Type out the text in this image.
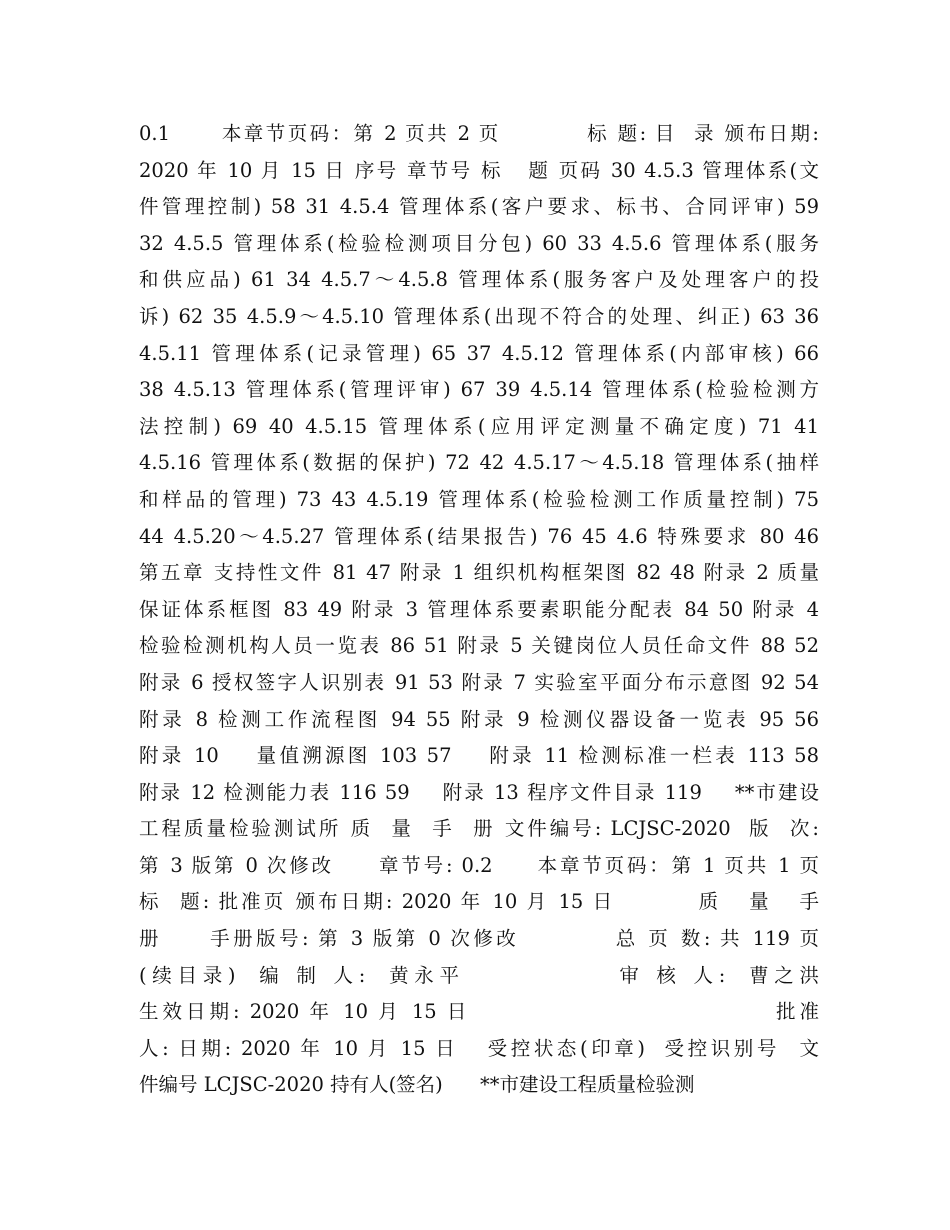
0.1      本章节页码：第 2 页共 2 页          标 题: 目  录 颁布日期:
2020 年 10 月 15 日 序号 章节号 标   题 页码 30 4.5.3 管理体系(文
件管理控制) 58 31 4.5.4 管理体系(客户要求、标书、合同评审) 59
32 4.5.5 管理体系(检验检测项目分包) 60 33 4.5.6 管理体系(服务
和供应品) 61 34 4.5.7～4.5.8 管理体系(服务客户及处理客户的投
诉) 62 35 4.5.9～4.5.10 管理体系(出现不符合的处理、纠正) 63 36
4.5.11 管理体系(记录管理) 65 37 4.5.12 管理体系(内部审核) 66
38 4.5.13 管理体系(管理评审) 67 39 4.5.14 管理体系(检验检测方
法控制) 69 40 4.5.15 管理体系(应用评定测量不确定度) 71 41
4.5.16 管理体系(数据的保护) 72 42 4.5.17～4.5.18 管理体系(抽样
和样品的管理) 73 43 4.5.19 管理体系(检验检测工作质量控制) 75
44 4.5.20～4.5.27 管理体系(结果报告) 76 45 4.6 特殊要求 80 46
第五章 支持性文件 81 47 附录 1 组织机构框架图 82 48 附录 2 质量
保证体系框图 83 49 附录 3 管理体系要素职能分配表 84 50 附录 4
检验检测机构人员一览表 86 51 附录 5 关键岗位人员任命文件 88 52
附录 6 授权签字人识别表 91 53 附录 7 实验室平面分布示意图 92 54
附录 8 检测工作流程图 94 55 附录 9 检测仪器设备一览表 95 56
附录 10    量值溯源图 103 57    附录 11 检测标准一栏表 113 58
附录 12 检测能力表 116 59    附录 13 程序文件目录 119    **市建设
工程质量检验测试所 质  量  手  册 文件编号: LCJSC-2020  版  次:
第 3 版第 0 次修改     章节号: 0.2     本章节页码：第 1 页共 1 页
标  题: 批准页 颁布日期: 2020 年 10 月 15 日         质   量   手
册     手册版号: 第 3 版第 0 次修改          总 页 数: 共 119 页
(续目录)  编 制 人:  黄永平             审 核 人:  曹之洪
生效日期: 2020 年 10 月 15 日                              批准
人: 日期: 2020 年 10 月 15 日   受控状态(印章)  受控识别号  文
件编号 LCJSC-2020 持有人(签名)      **市建设工程质量检验测
